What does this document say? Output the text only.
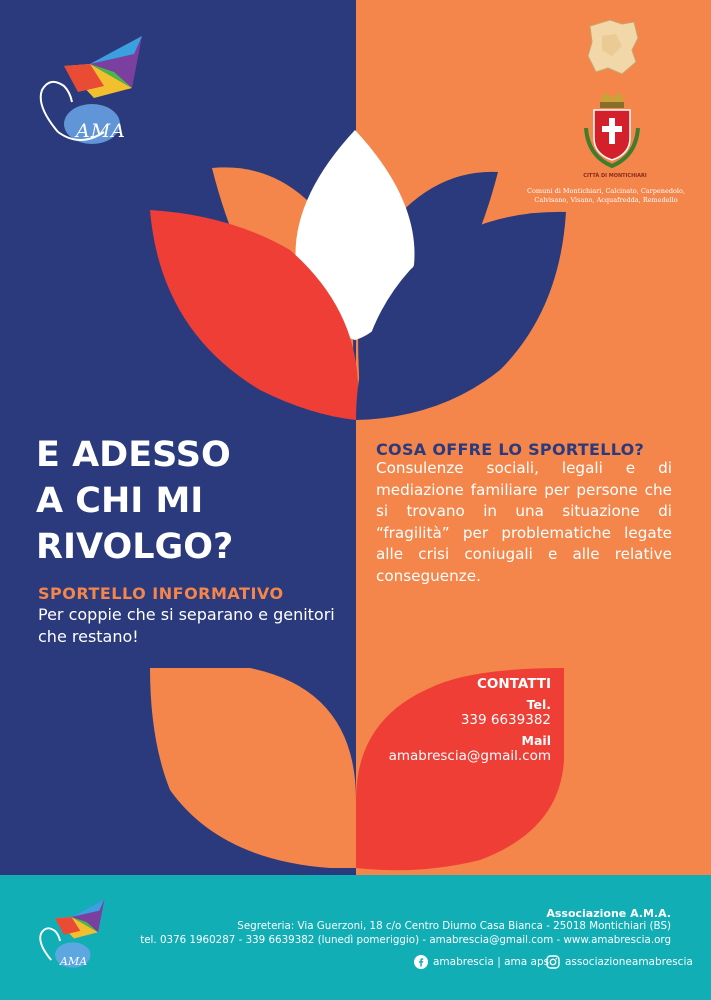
AMA
CITTÀ DI MONTICHIARI
Comuni di Montichiari, Calcinato, Carpenedolo, Calvisano, Visano, Acquafredda, Remedello
E ADESSO
A CHI MI
RIVOLGO?
SPORTELLO INFORMATIVO
Per coppie che si separano e genitori che restano!
COSA OFFRE LO SPORTELLO?
Consulenze sociali, legali e di mediazione familiare per persone che si trovano in una situazione di “fragilità” per problematiche legate alle crisi coniugali e alle relative conseguenze.
CONTATTI
Tel.
339 6639382
Mail
amabrescia@gmail.com
AMA
Associazione A.M.A.
Segreteria: Via Guerzoni, 18 c/o Centro Diurno Casa Bianca - 25018 Montichiari (BS)
tel. 0376 1960287 - 339 6639382 (lunedì pomeriggio) - amabrescia@gmail.com - www.amabrescia.org
amabrescia | ama aps associazioneamabrescia
